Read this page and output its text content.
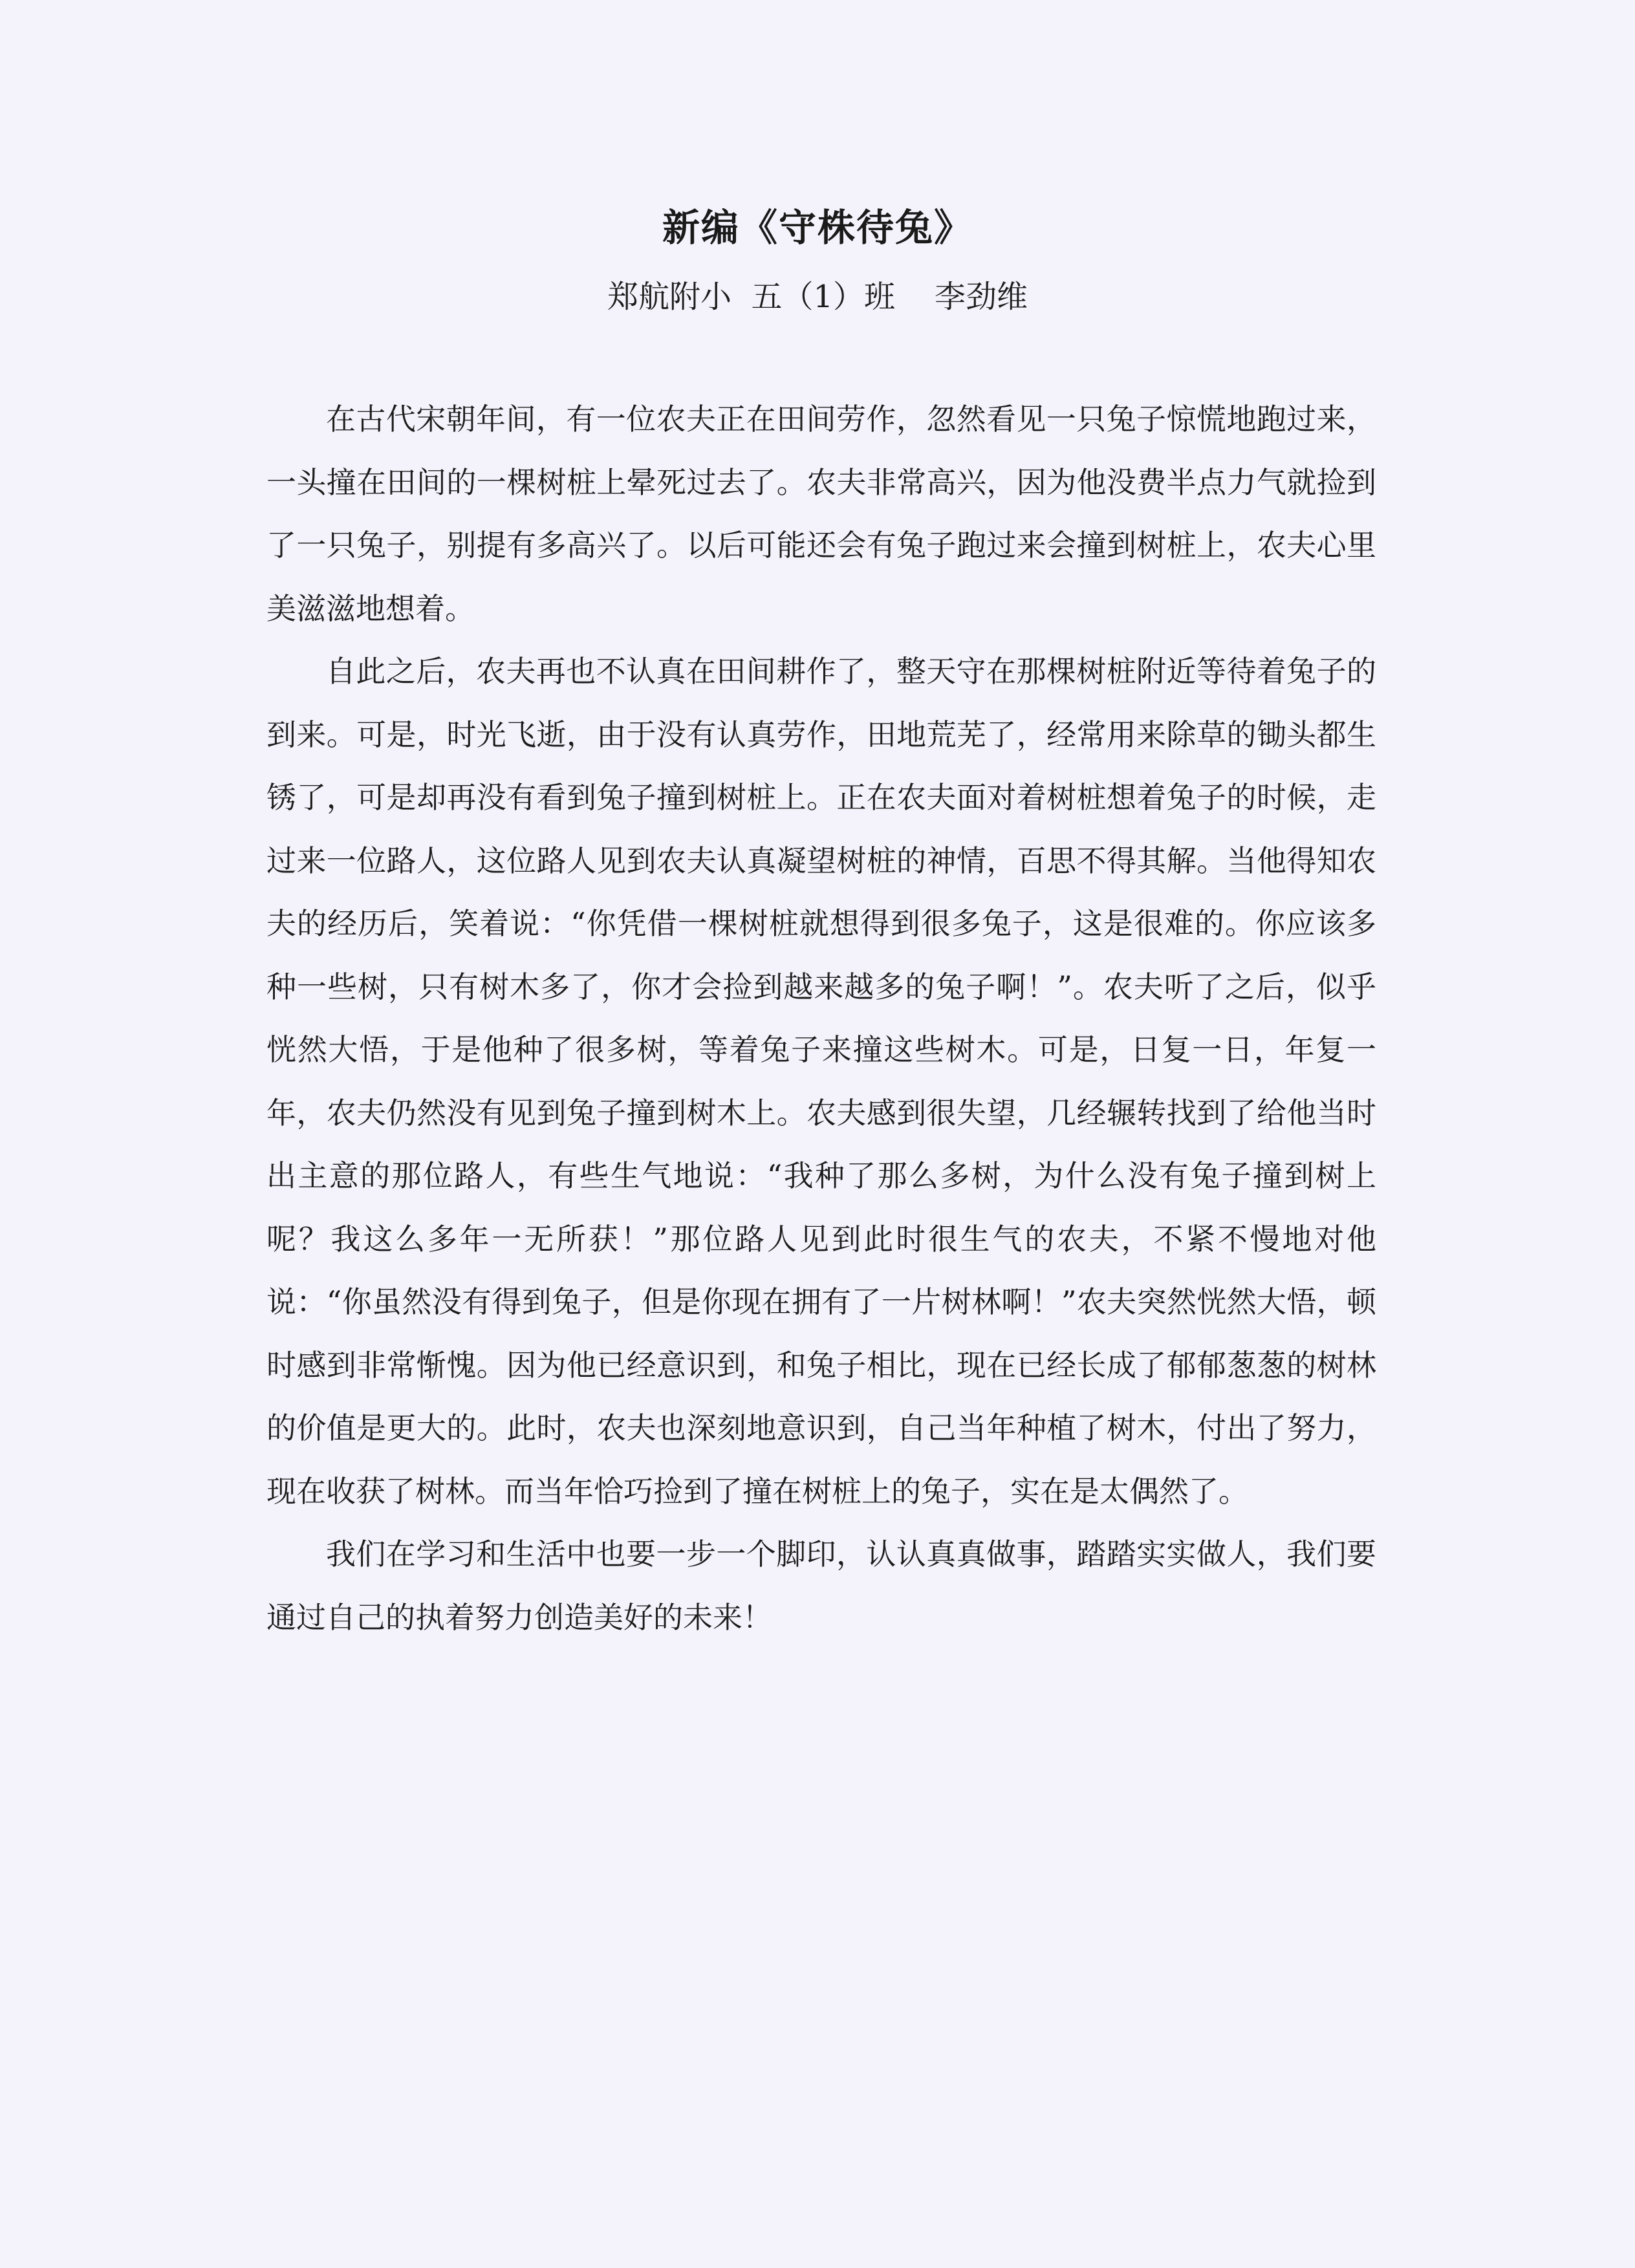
新编《守株待兔》
郑航附小  五（1）班    李劲维

在古代宋朝年间，有一位农夫正在田间劳作，忽然看见一只兔子惊慌地跑过来，一头撞在田间的一棵树桩上晕死过去了。农夫非常高兴，因为他没费半点力气就捡到了一只兔子，别提有多高兴了。以后可能还会有兔子跑过来会撞到树桩上，农夫心里美滋滋地想着。

自此之后，农夫再也不认真在田间耕作了，整天守在那棵树桩附近等待着兔子的到来。可是，时光飞逝，由于没有认真劳作，田地荒芜了，经常用来除草的锄头都生锈了，可是却再没有看到兔子撞到树桩上。正在农夫面对着树桩想着兔子的时候，走过来一位路人，这位路人见到农夫认真凝望树桩的神情，百思不得其解。当他得知农夫的经历后，笑着说：“你凭借一棵树桩就想得到很多兔子，这是很难的。你应该多种一些树，只有树木多了，你才会捡到越来越多的兔子啊！”。农夫听了之后，似乎恍然大悟，于是他种了很多树，等着兔子来撞这些树木。可是，日复一日，年复一年，农夫仍然没有见到兔子撞到树木上。农夫感到很失望，几经辗转找到了给他当时出主意的那位路人，有些生气地说：“我种了那么多树，为什么没有兔子撞到树上呢？我这么多年一无所获！”那位路人见到此时很生气的农夫，不紧不慢地对他说：“你虽然没有得到兔子，但是你现在拥有了一片树林啊！”农夫突然恍然大悟，顿时感到非常惭愧。因为他已经意识到，和兔子相比，现在已经长成了郁郁葱葱的树林的价值是更大的。此时，农夫也深刻地意识到，自己当年种植了树木，付出了努力，现在收获了树林。而当年恰巧捡到了撞在树桩上的兔子，实在是太偶然了。

我们在学习和生活中也要一步一个脚印，认认真真做事，踏踏实实做人，我们要通过自己的执着努力创造美好的未来！
